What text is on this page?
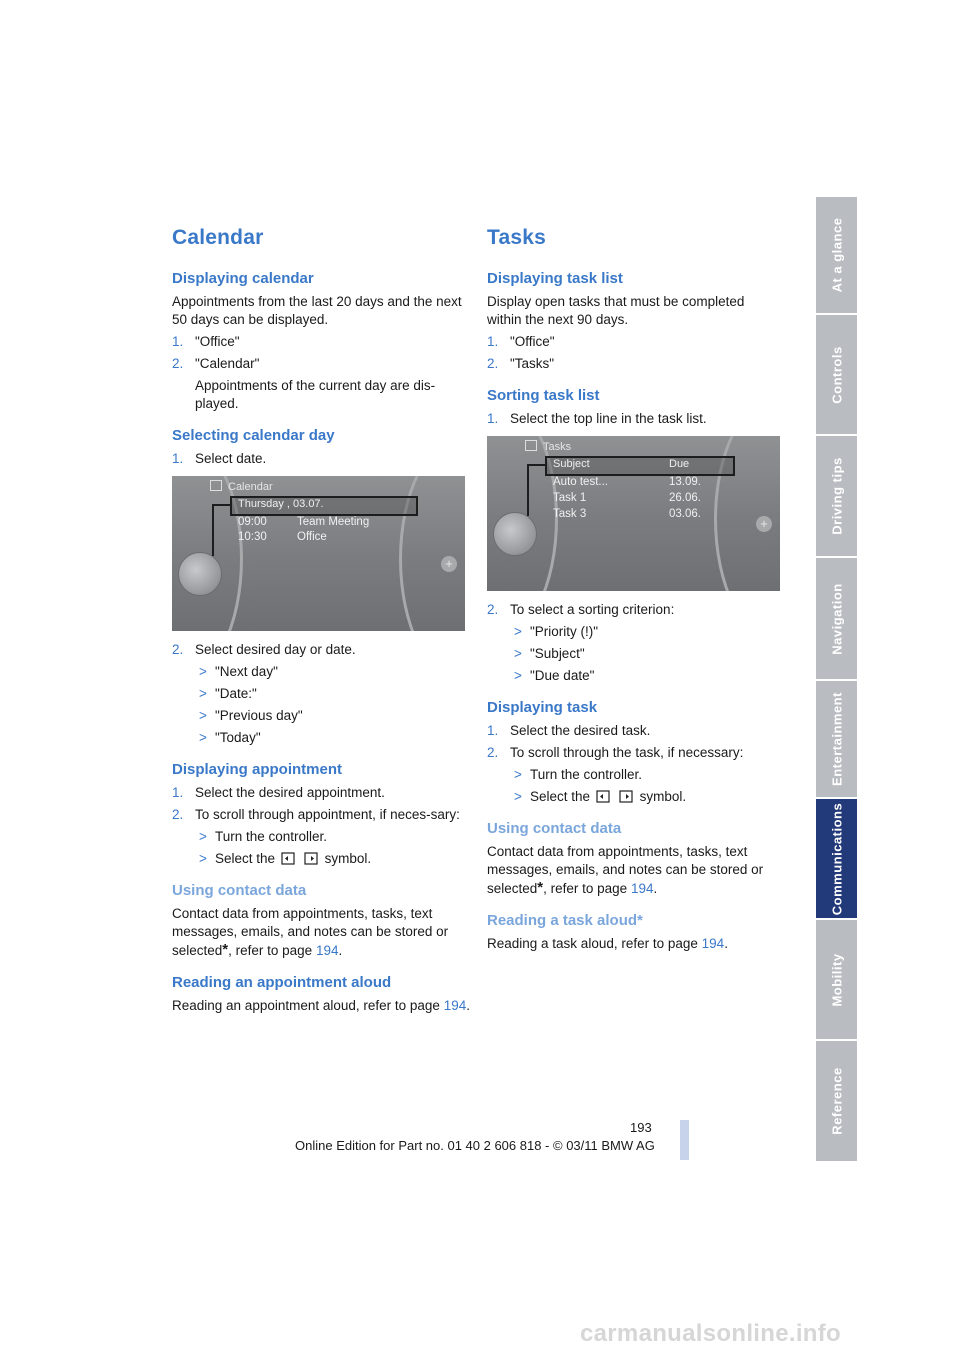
Calendar
Displaying calendar

Appointments from the last 20 days and the next 50 days can be displayed.

1. "Office"
2. "Calendar"
Appointments of the current day are dis-played.
Selecting calendar day
1. Select date.
+
Calendar
Thursday , 03.07.
09:00	Team Meeting
10:30	Office
2. Select desired day or date.
> "Next day"
> "Date:"
> "Previous day"
> "Today"
Displaying appointment
1. Select the desired appointment.
2. To scroll through appointment, if neces-sary:
> Turn the controller.
> Select the	symbol.
Using contact data

Contact data from appointments, tasks, text messages, emails, and notes can be stored or selected*, refer to page 194.

Reading an appointment aloud

Reading an appointment aloud, refer to page 194.

Tasks
Displaying task list

Display open tasks that must be completed within the next 90 days.

1. "Office"
2. "Tasks"
Sorting task list
1. Select the top line in the task list.
+
Tasks
Subject	Due
Auto test...	13.09.
Task 1	26.06.
Task 3	03.06.
2. To select a sorting criterion:
> "Priority (!)"
> "Subject"
> "Due date"
Displaying task
1. Select the desired task.
2. To scroll through the task, if necessary:
> Turn the controller.
> Select the	symbol.
Using contact data

Contact data from appointments, tasks, text messages, emails, and notes can be stored or selected*, refer to page 194.

Reading a task aloud*

Reading a task aloud, refer to page 194.

At a glance
Controls
Driving tips
Navigation
Entertainment
Communications
Mobility
Reference
193
Online Edition for Part no. 01 40 2 606 818 - © 03/11 BMW AG
carmanualsonline.info
